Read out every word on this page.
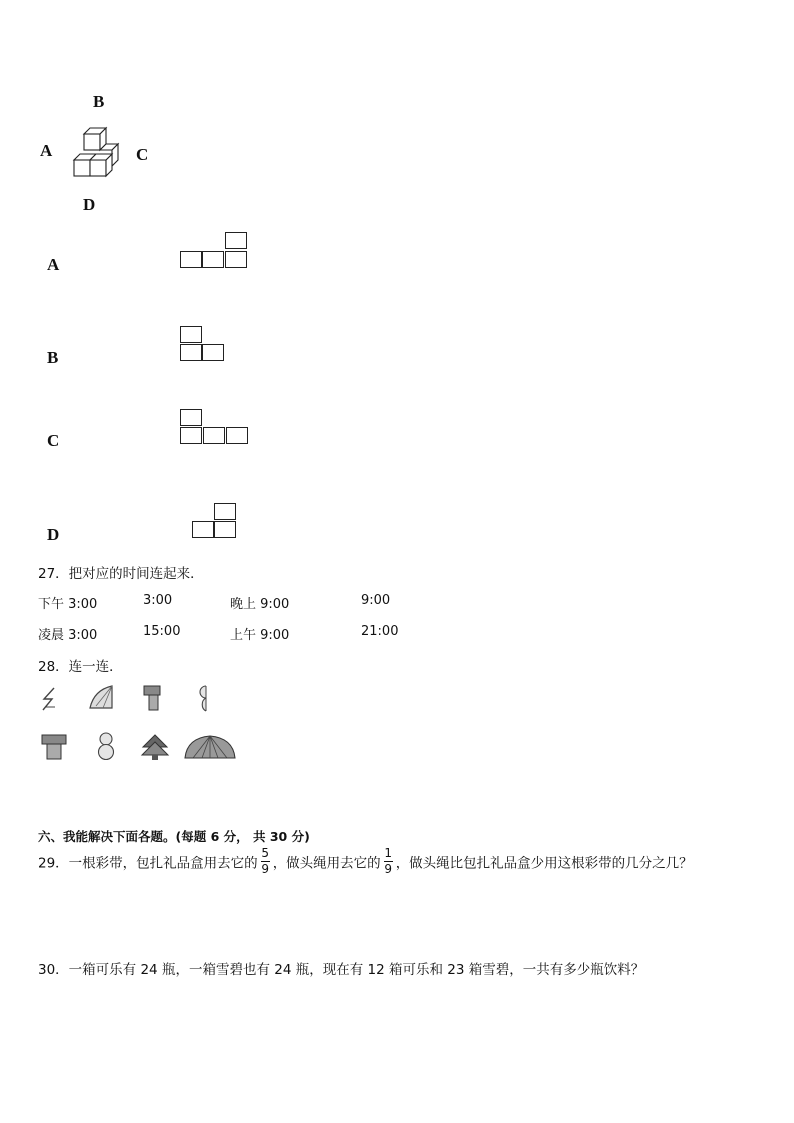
B
A	C
D
A
B
C
D
27．把对应的时间连起来．
下午 3:00	3:00	晚上 9:00	9:00
凌晨 3:00	15:00	上午 9:00	21:00
28．连一连．
六、我能解决下面各题。(每题 6 分， 共 30 分)
29．一根彩带，包扎礼品盒用去它的 $\frac{5}{9}$ ，做头绳用去它的 $\frac{1}{9}$ ，做头绳比包扎礼品盒少用这根彩带的几分之几？
30．一箱可乐有 24 瓶，一箱雪碧也有 24 瓶，现在有 12 箱可乐和 23 箱雪碧，一共有多少瓶饮料？
